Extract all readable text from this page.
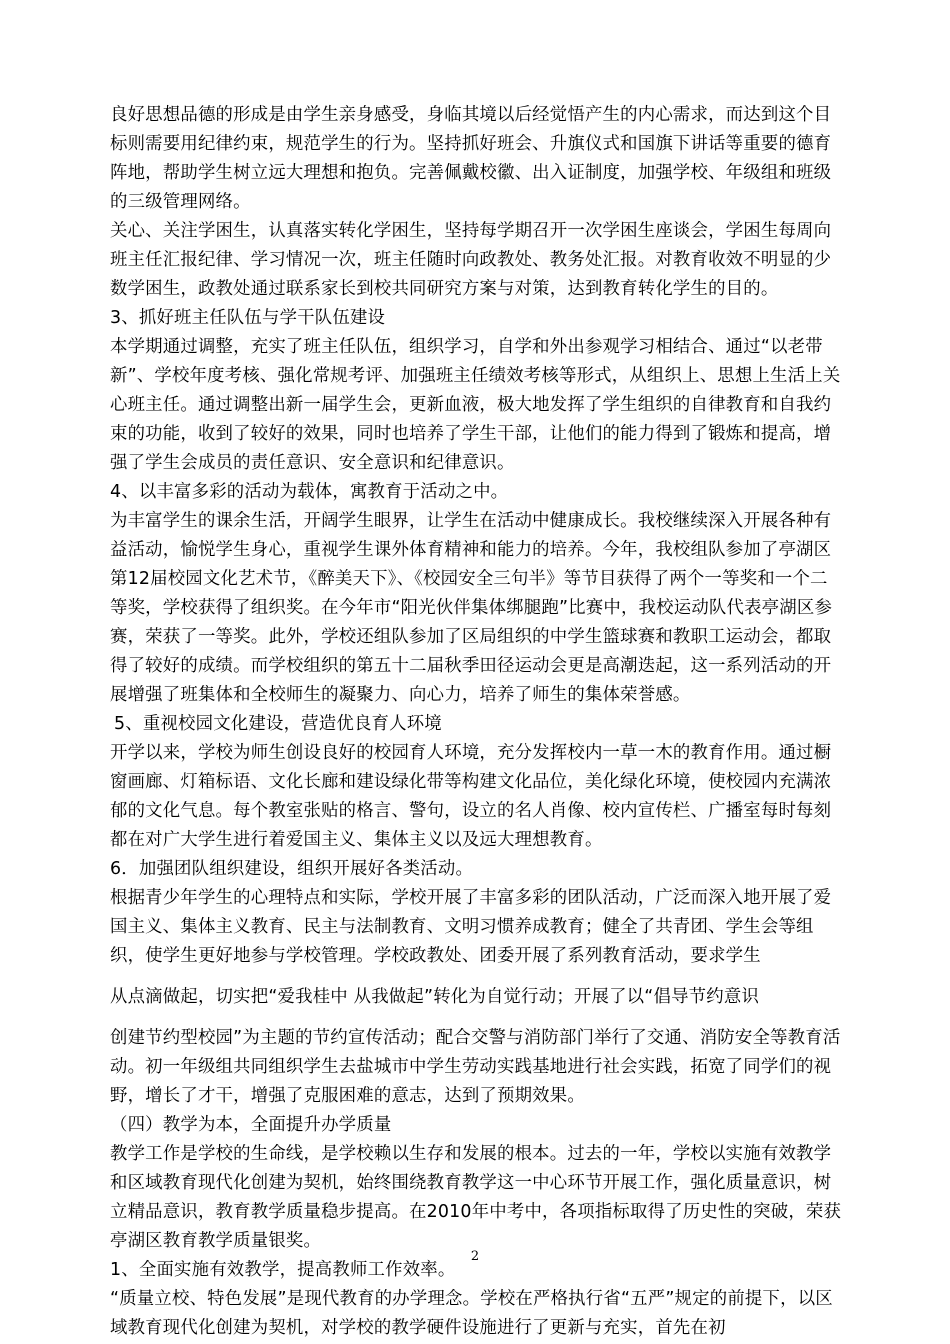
良好思想品德的形成是由学生亲身感受，身临其境以后经觉悟产生的内心需求，而达到这个目标则需要用纪律约束，规范学生的行为。坚持抓好班会、升旗仪式和国旗下讲话等重要的德育阵地，帮助学生树立远大理想和抱负。完善佩戴校徽、出入证制度，加强学校、年级组和班级的三级管理网络。

关心、关注学困生，认真落实转化学困生，坚持每学期召开一次学困生座谈会，学困生每周向班主任汇报纪律、学习情况一次，班主任随时向政教处、教务处汇报。对教育收效不明显的少数学困生，政教处通过联系家长到校共同研究方案与对策，达到教育转化学生的目的。

3、抓好班主任队伍与学干队伍建设

本学期通过调整，充实了班主任队伍，组织学习，自学和外出参观学习相结合、通过“以老带新”、学校年度考核、强化常规考评、加强班主任绩效考核等形式，从组织上、思想上生活上关心班主任。通过调整出新一届学生会，更新血液，极大地发挥了学生组织的自律教育和自我约束的功能，收到了较好的效果，同时也培养了学生干部，让他们的能力得到了锻炼和提高，增强了学生会成员的责任意识、安全意识和纪律意识。

4、以丰富多彩的活动为载体，寓教育于活动之中。

为丰富学生的课余生活，开阔学生眼界，让学生在活动中健康成长。我校继续深入开展各种有益活动，愉悦学生身心，重视学生课外体育精神和能力的培养。今年，我校组队参加了亭湖区第12届校园文化艺术节，《醉美天下》、《校园安全三句半》等节目获得了两个一等奖和一个二等奖，学校获得了组织奖。在今年市“阳光伙伴集体绑腿跑”比赛中，我校运动队代表亭湖区参赛，荣获了一等奖。此外，学校还组队参加了区局组织的中学生篮球赛和教职工运动会，都取得了较好的成绩。而学校组织的第五十二届秋季田径运动会更是高潮迭起，这一系列活动的开展增强了班集体和全校师生的凝聚力、向心力，培养了师生的集体荣誉感。

5、重视校园文化建设，营造优良育人环境

开学以来，学校为师生创设良好的校园育人环境，充分发挥校内一草一木的教育作用。通过橱窗画廊、灯箱标语、文化长廊和建设绿化带等构建文化品位，美化绿化环境，使校园内充满浓郁的文化气息。每个教室张贴的格言、警句，设立的名人肖像、校内宣传栏、广播室每时每刻都在对广大学生进行着爱国主义、集体主义以及远大理想教育。

6．加强团队组织建设，组织开展好各类活动。

根据青少年学生的心理特点和实际，学校开展了丰富多彩的团队活动，广泛而深入地开展了爱国主义、集体主义教育、民主与法制教育、文明习惯养成教育；健全了共青团、学生会等组织，使学生更好地参与学校管理。学校政教处、团委开展了系列教育活动，要求学生

从点滴做起，切实把“爱我桂中 从我做起”转化为自觉行动；开展了以“倡导节约意识

创建节约型校园”为主题的节约宣传活动；配合交警与消防部门举行了交通、消防安全等教育活动。初一年级组共同组织学生去盐城市中学生劳动实践基地进行社会实践，拓宽了同学们的视野，增长了才干，增强了克服困难的意志，达到了预期效果。

（四）教学为本，全面提升办学质量

教学工作是学校的生命线，是学校赖以生存和发展的根本。过去的一年，学校以实施有效教学和区域教育现代化创建为契机，始终围绕教育教学这一中心环节开展工作，强化质量意识，树立精品意识，教育教学质量稳步提高。在2010年中考中，各项指标取得了历史性的突破，荣获亭湖区教育教学质量银奖。

1、全面实施有效教学，提高教师工作效率。

“质量立校、特色发展”是现代教育的办学理念。学校在严格执行省“五严”规定的前提下，以区域教育现代化创建为契机，对学校的教学硬件设施进行了更新与充实，首先在初

2
